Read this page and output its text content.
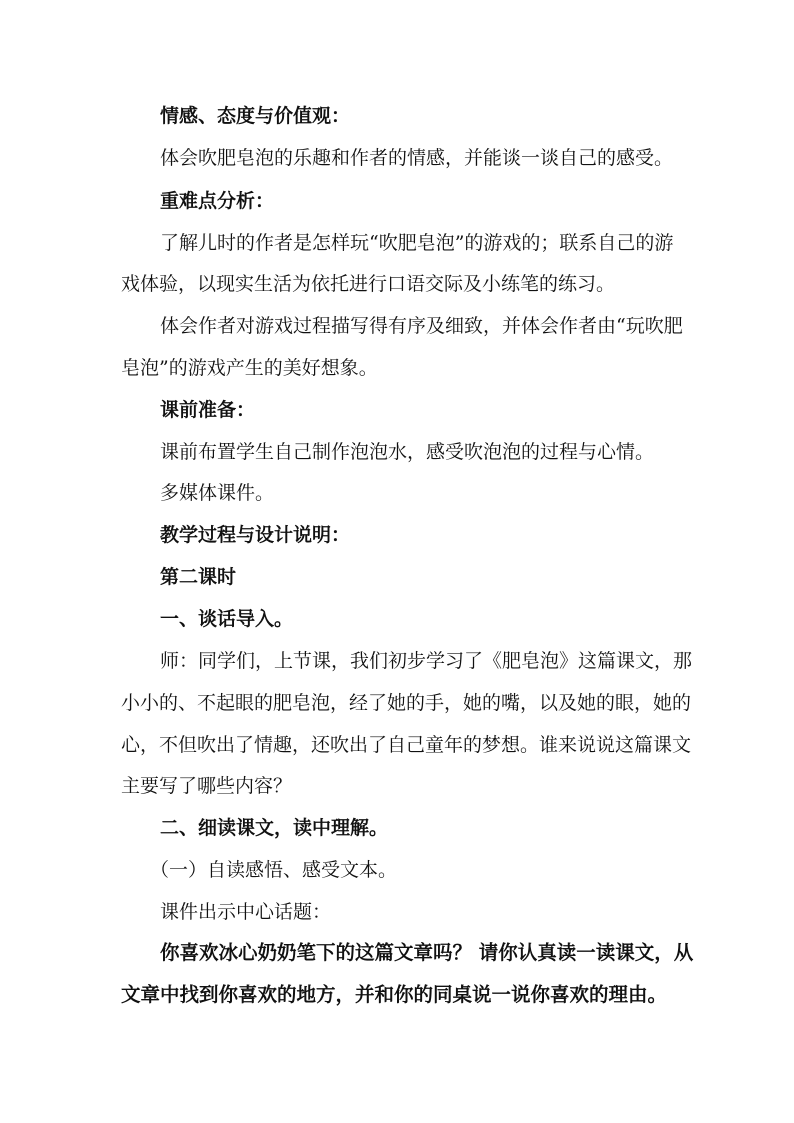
情感、态度与价值观：
体会吹肥皂泡的乐趣和作者的情感，并能谈一谈自己的感受。
重难点分析：
了解儿时的作者是怎样玩“吹肥皂泡”的游戏的；联系自己的游
戏体验，以现实生活为依托进行口语交际及小练笔的练习。
体会作者对游戏过程描写得有序及细致，并体会作者由“玩吹肥
皂泡”的游戏产生的美好想象。
课前准备：
课前布置学生自己制作泡泡水，感受吹泡泡的过程与心情。
多媒体课件。
教学过程与设计说明：
第二课时
一、谈话导入。
师：同学们，上节课，我们初步学习了《肥皂泡》这篇课文，那
小小的、不起眼的肥皂泡，经了她的手，她的嘴，以及她的眼，她的
心，不但吹出了情趣，还吹出了自己童年的梦想。谁来说说这篇课文
主要写了哪些内容？
二、细读课文，读中理解。
（一）自读感悟、感受文本。
课件出示中心话题：
你喜欢冰心奶奶笔下的这篇文章吗？ 请你认真读一读课文，从
文章中找到你喜欢的地方，并和你的同桌说一说你喜欢的理由。
